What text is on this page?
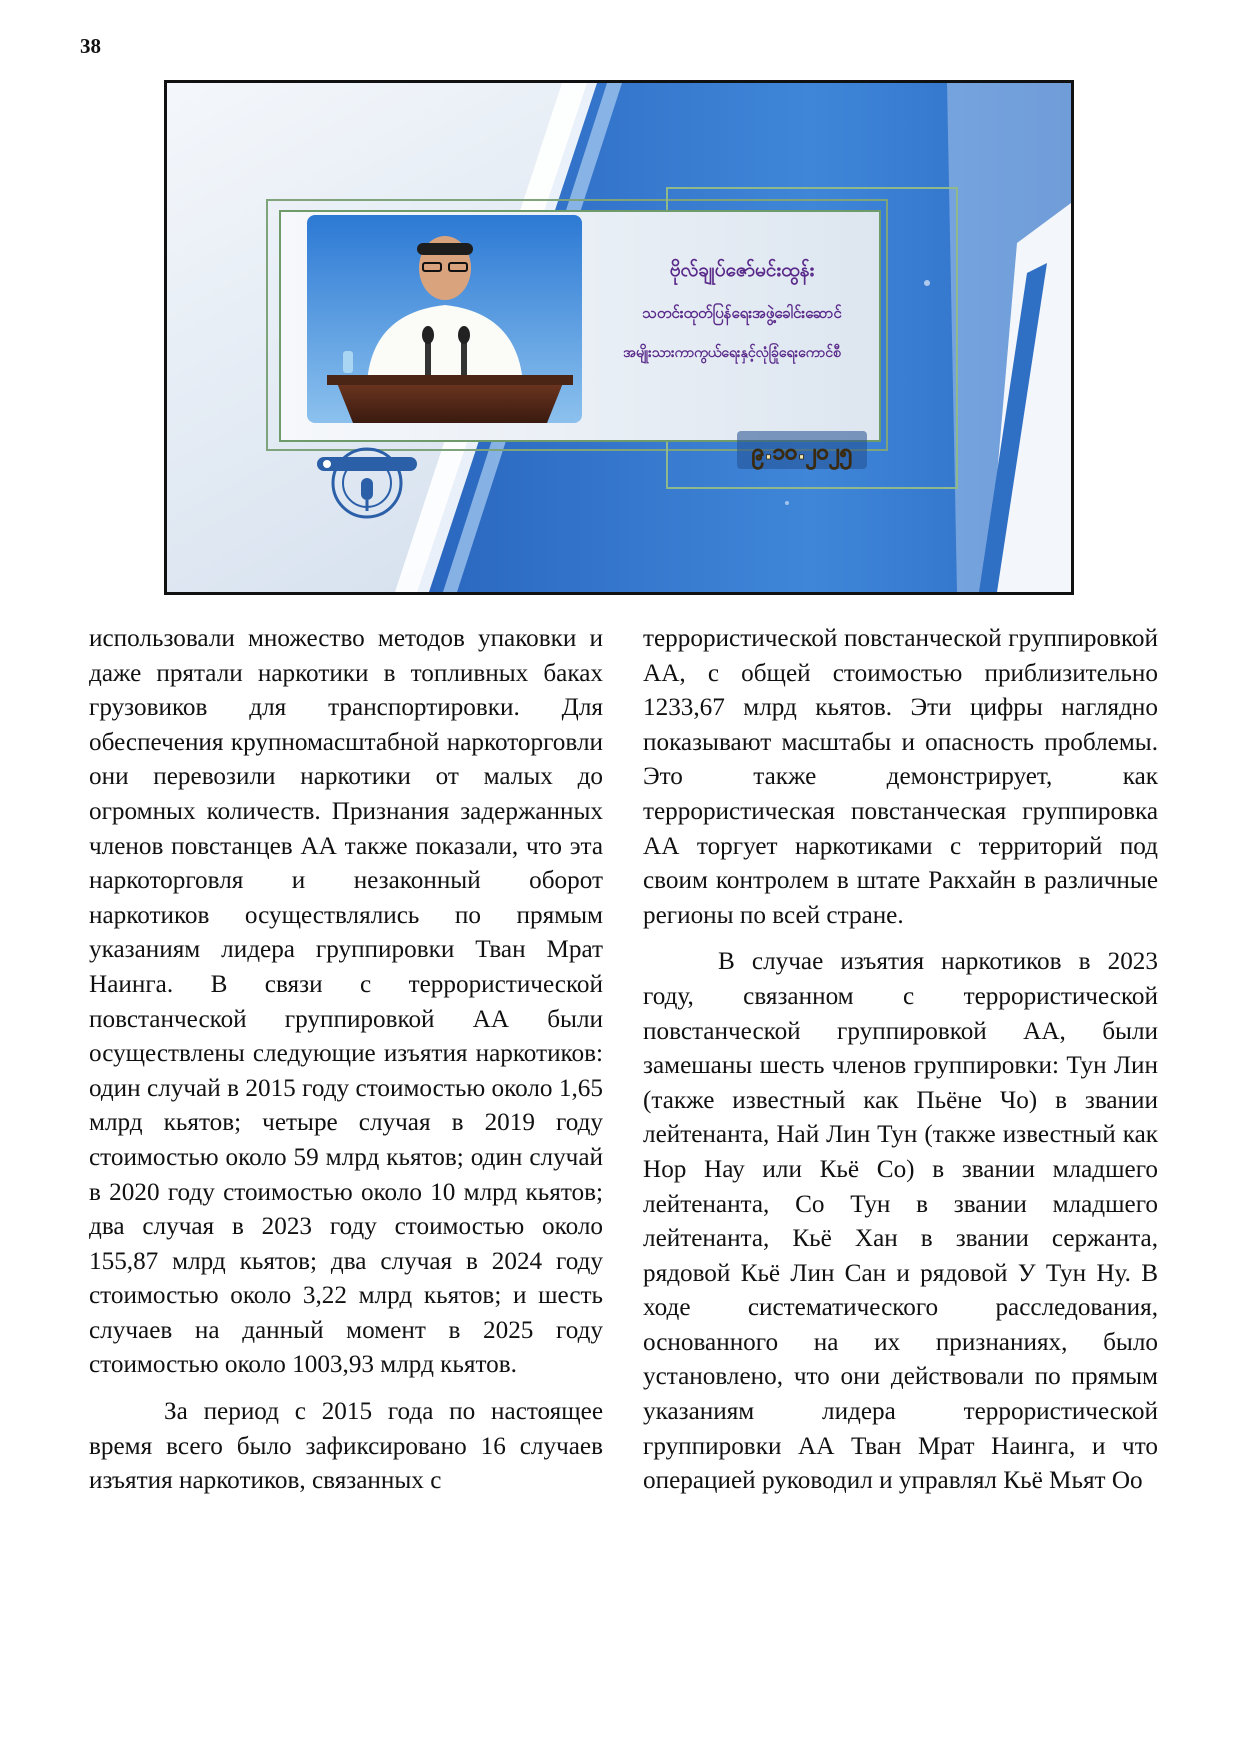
38
ဗိုလ်ချုပ်ဇော်မင်းထွန်း
သတင်းထုတ်ပြန်ရေးအဖွဲ့ခေါင်းဆောင်
အမျိုးသားကာကွယ်ရေးနှင့်လုံခြုံရေးကောင်စီ
၉.၁၀.၂၀၂၅

использовали множество методов упаковки и даже прятали наркотики в топливных баках грузовиков для транспортировки. Для обеспечения крупномасштабной наркоторговли они перевозили наркотики от малых до огромных количеств. Признания задержанных членов повстанцев АА также показали, что эта наркоторговля и незаконный оборот наркотиков осуществлялись по прямым указаниям лидера группировки Тван Мрат Наинга. В связи с террористической повстанческой группировкой АА были осуществлены следующие изъятия наркотиков: один случай в 2015 году стоимостью около 1,65 млрд кьятов; четыре случая в 2019 году стоимостью около 59 млрд кьятов; один случай в 2020 году стоимостью около 10 млрд кьятов; два случая в 2023 году стоимостью около 155,87 млрд кьятов; два случая в 2024 году стоимостью около 3,22 млрд кьятов; и шесть случаев на данный момент в 2025 году стоимостью около 1003,93 млрд кьятов.

За период с 2015 года по настоящее время всего было зафиксировано 16 случаев изъятия наркотиков, связанных с

террористической повстанческой группировкой АА, с общей стоимостью приблизительно 1233,67 млрд кьятов. Эти цифры наглядно показывают масштабы и опасность проблемы. Это также демонстрирует, как террористическая повстанческая группировка АА торгует наркотиками с территорий под своим контролем в штате Ракхайн в различные регионы по всей стране.

В случае изъятия наркотиков в 2023 году, связанном с террористической повстанческой группировкой АА, были замешаны шесть членов группировки: Тун Лин (также известный как Пьёне Чо) в звании лейтенанта, Най Лин Тун (также известный как Нор Нау или Кьё Со) в звании младшего лейтенанта, Со Тун в звании младшего лейтенанта, Кьё Хан в звании сержанта, рядовой Кьё Лин Сан и рядовой У Тун Ну. В ходе систематического расследования, основанного на их признаниях, было установлено, что они действовали по прямым указаниям лидера террористической группировки АА Тван Мрат Наинга, и что операцией руководил и управлял Кьё Мьят Оо
